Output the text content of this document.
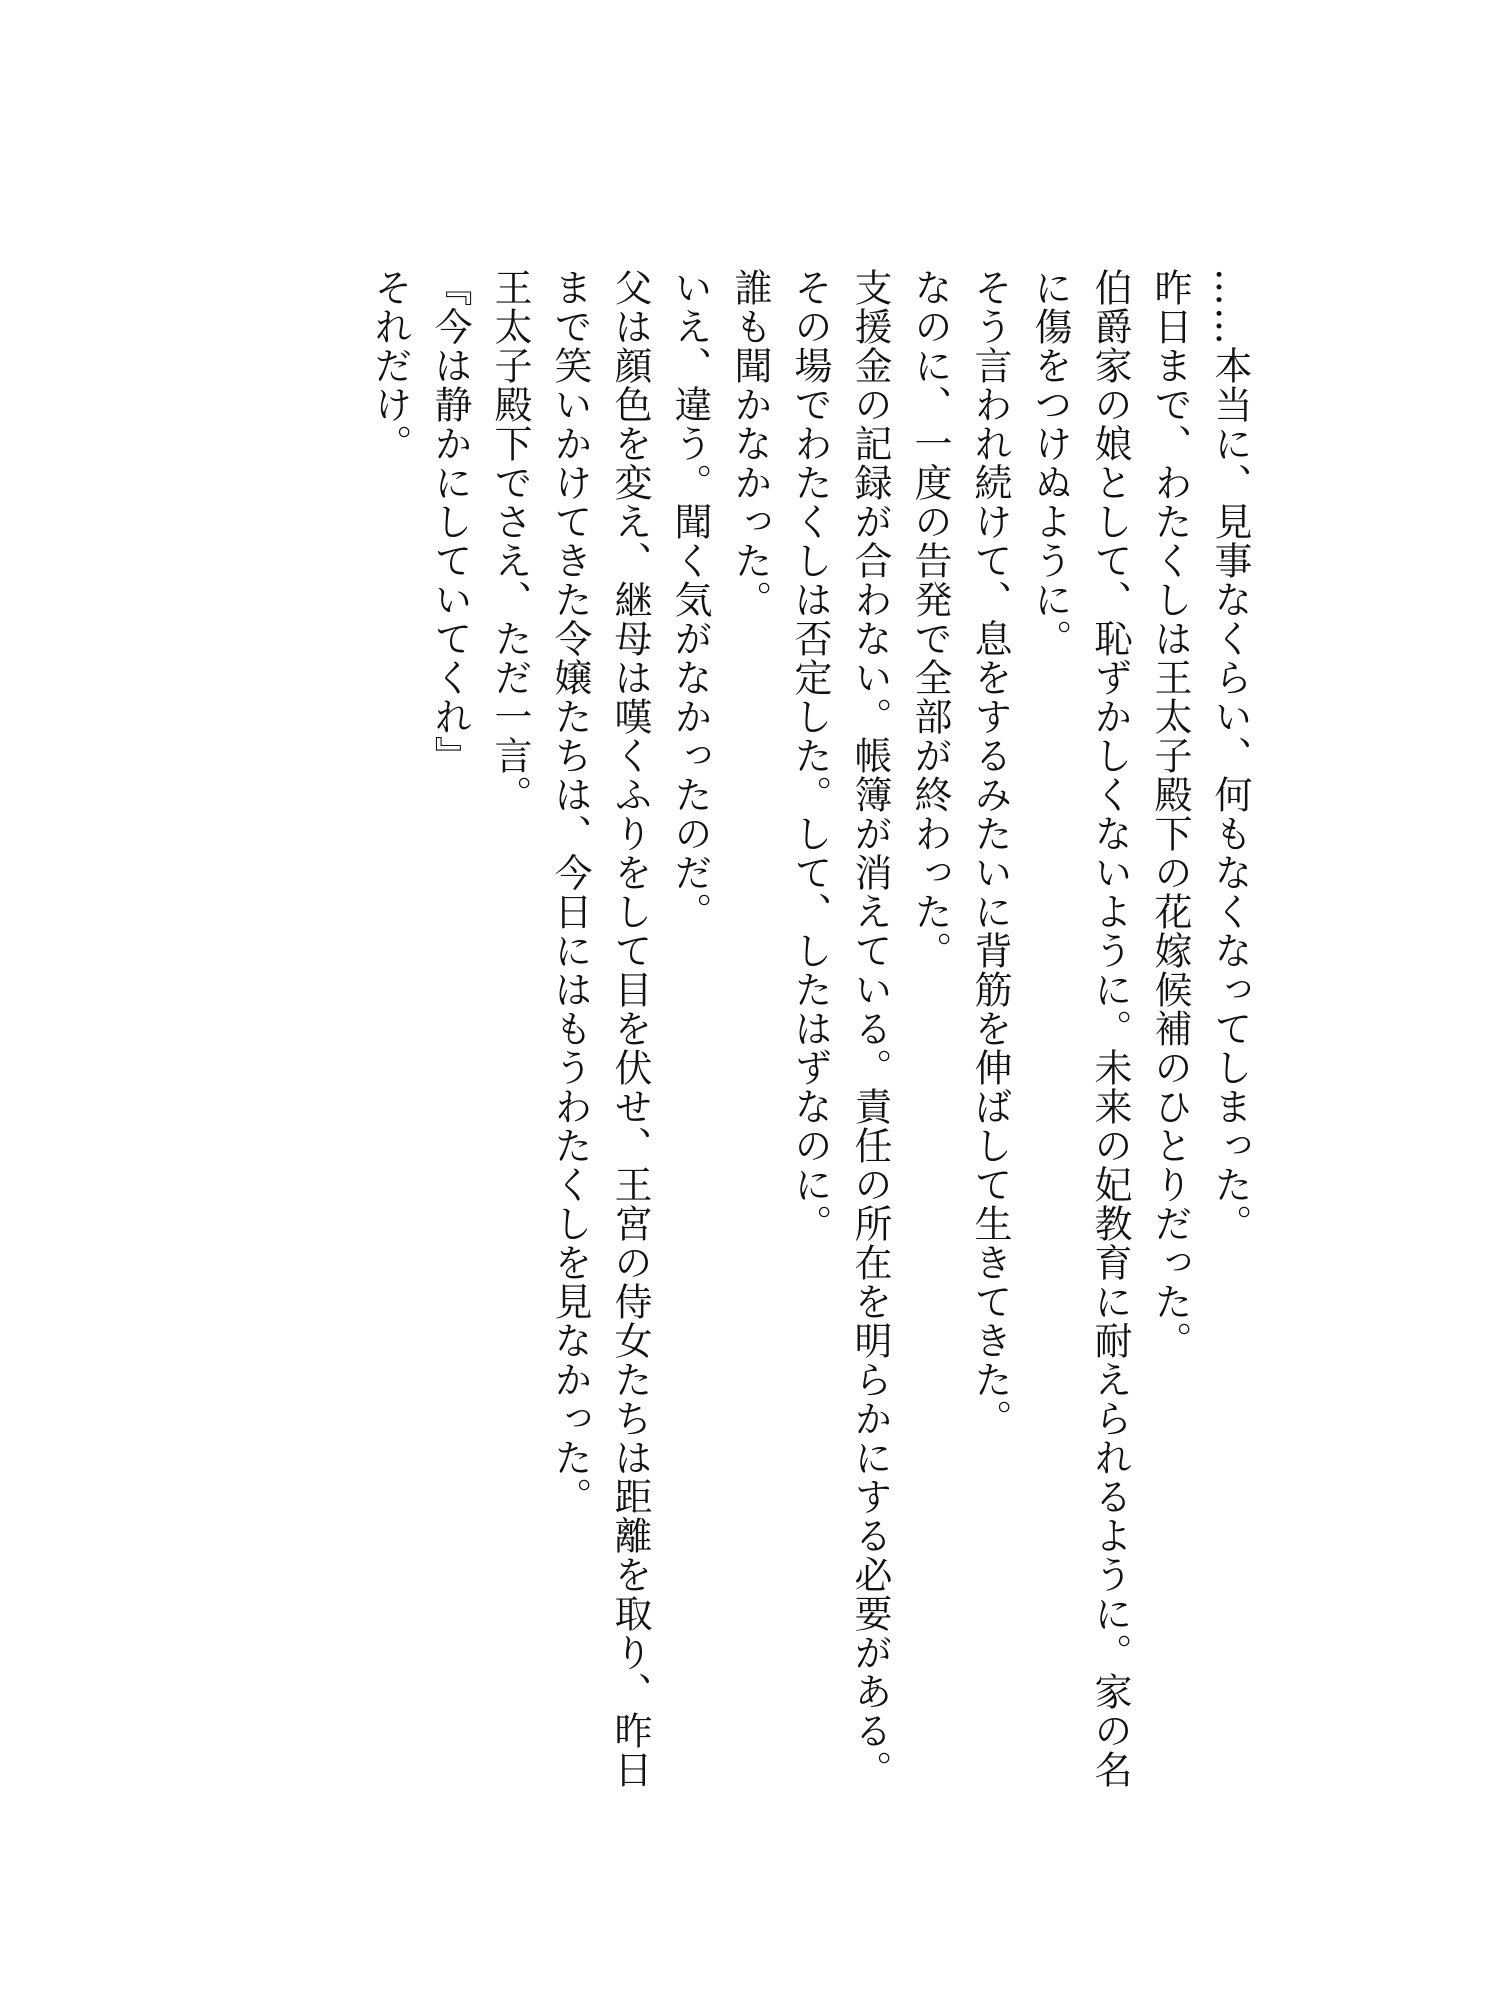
……本当に、見事なくらい、何もなくなってしまった。

昨日まで、わたくしは王太子殿下の花嫁候補のひとりだった。

伯爵家の娘として、恥ずかしくないように。未来の妃教育に耐えられるように。家の名に傷をつけぬように。

そう言われ続けて、息をするみたいに背筋を伸ばして生きてきた。

なのに、一度の告発で全部が終わった。

支援金の記録が合わない。帳簿が消えている。責任の所在を明らかにする必要がある。

その場でわたくしは否定した。して、したはずなのに。

誰も聞かなかった。

いえ、違う。聞く気がなかったのだ。

父は顔色を変え、継母は嘆くふりをして目を伏せ、王宮の侍女たちは距離を取り、昨日まで笑いかけてきた令嬢たちは、今日にはもうわたくしを見なかった。

王太子殿下でさえ、ただ一言。

『今は静かにしていてくれ』

それだけ。
